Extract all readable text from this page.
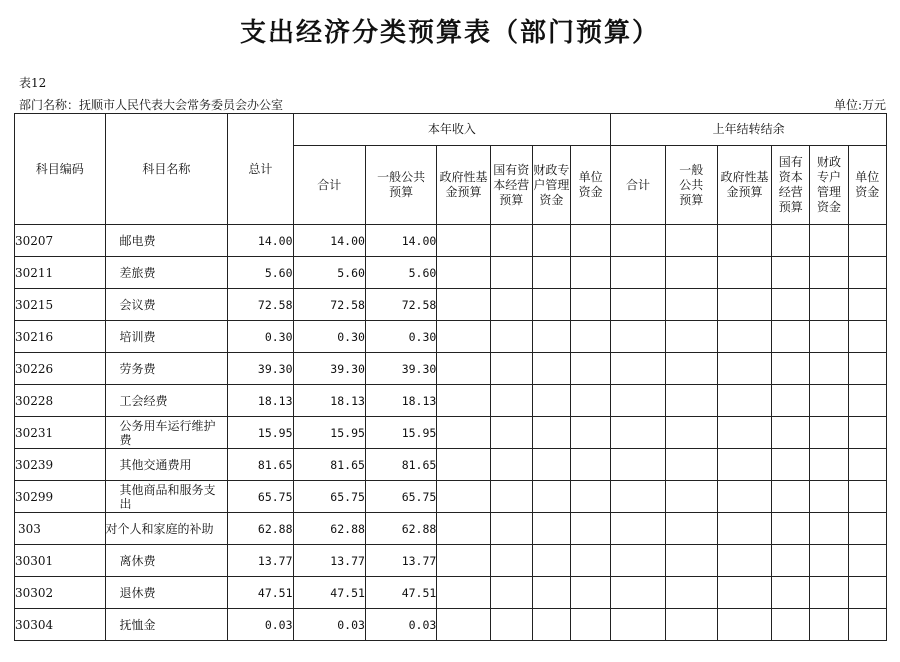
支出经济分类预算表（部门预算）
表12
部门名称：抚顺市人民代表大会常务委员会办公室	单位:万元
科目编码	科目名称	总计	本年收入						上年结转结余					
			合计	一般公共预算	政府性基金预算	国有资本经营预算	财政专户管理资金	单位资金	合计	一般公共预算	政府性基金预算	国有资本经营预算	财政专户管理资金	单位资金
30207	邮电费	14.00	14.00	14.00										
30211	差旅费	5.60	5.60	5.60										
30215	会议费	72.58	72.58	72.58										
30216	培训费	0.30	0.30	0.30										
30226	劳务费	39.30	39.30	39.30										
30228	工会经费	18.13	18.13	18.13										
30231	公务用车运行维护费	15.95	15.95	15.95										
30239	其他交通费用	81.65	81.65	81.65										
30299	其他商品和服务支出	65.75	65.75	65.75										
303	对个人和家庭的补助	62.88	62.88	62.88										
30301	离休费	13.77	13.77	13.77										
30302	退休费	47.51	47.51	47.51										
30304	抚恤金	0.03	0.03	0.03										
